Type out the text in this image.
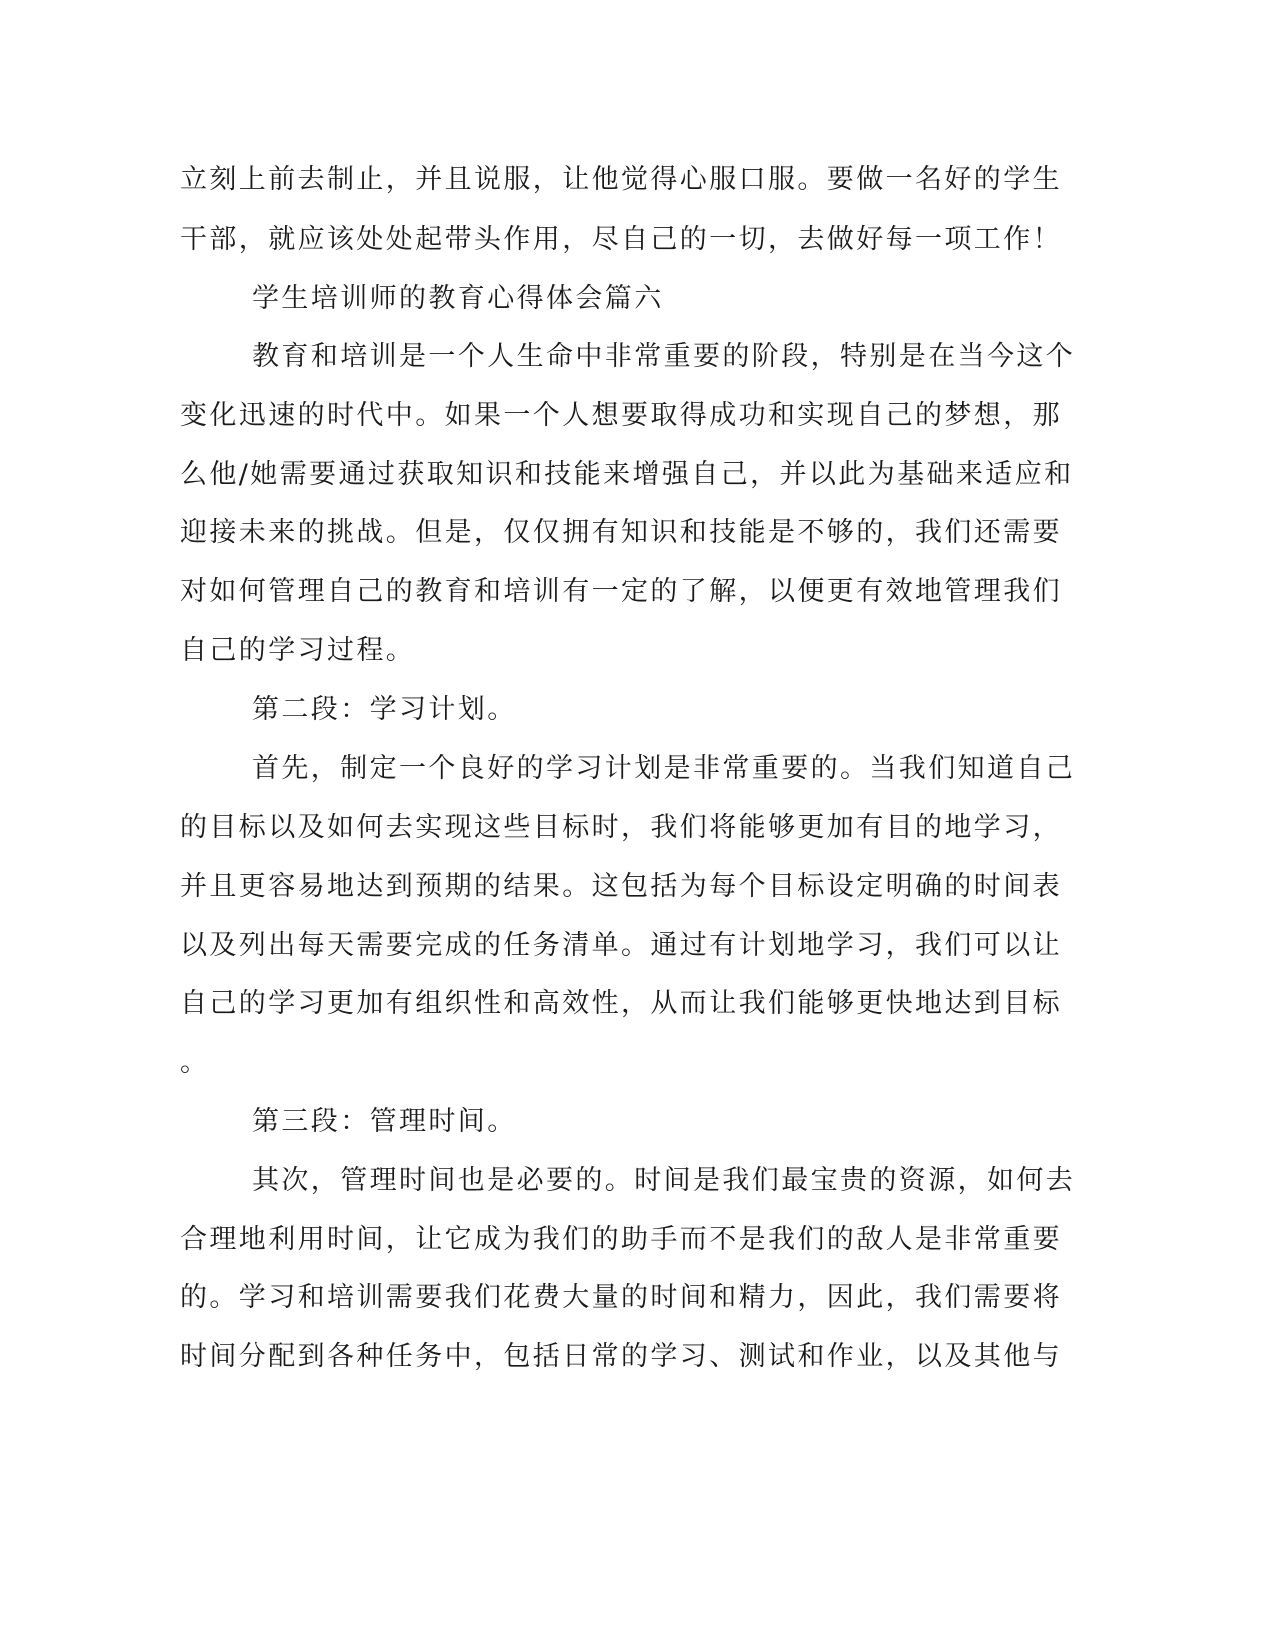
立刻上前去制止，并且说服，让他觉得心服口服。要做一名好的学生
干部，就应该处处起带头作用，尽自己的一切，去做好每一项工作！
学生培训师的教育心得体会篇六
教育和培训是一个人生命中非常重要的阶段，特别是在当今这个
变化迅速的时代中。如果一个人想要取得成功和实现自己的梦想，那
么他/她需要通过获取知识和技能来增强自己，并以此为基础来适应和
迎接未来的挑战。但是，仅仅拥有知识和技能是不够的，我们还需要
对如何管理自己的教育和培训有一定的了解，以便更有效地管理我们
自己的学习过程。
第二段：学习计划。
首先，制定一个良好的学习计划是非常重要的。当我们知道自己
的目标以及如何去实现这些目标时，我们将能够更加有目的地学习，
并且更容易地达到预期的结果。这包括为每个目标设定明确的时间表
以及列出每天需要完成的任务清单。通过有计划地学习，我们可以让
自己的学习更加有组织性和高效性，从而让我们能够更快地达到目标
。
第三段：管理时间。
其次，管理时间也是必要的。时间是我们最宝贵的资源，如何去
合理地利用时间，让它成为我们的助手而不是我们的敌人是非常重要
的。学习和培训需要我们花费大量的时间和精力，因此，我们需要将
时间分配到各种任务中，包括日常的学习、测试和作业，以及其他与
